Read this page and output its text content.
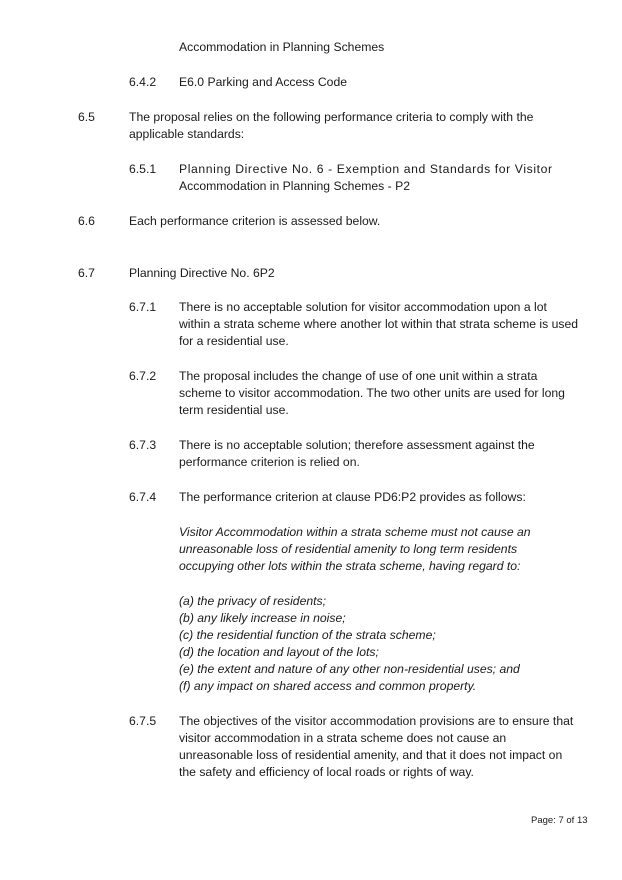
Accommodation in Planning Schemes
6.4.2 E6.0 Parking and Access Code
6.5	The proposal relies on the following performance criteria to comply with the
applicable standards:
6.5.1 Planning Directive No. 6 - Exemption and Standards for Visitor
Accommodation in Planning Schemes - P2
6.6	Each performance criterion is assessed below.
6.7	Planning Directive No. 6P2
6.7.1 There is no acceptable solution for visitor accommodation upon a lot
within a strata scheme where another lot within that strata scheme is used
for a residential use.
6.7.2 The proposal includes the change of use of one unit within a strata
scheme to visitor accommodation. The two other units are used for long
term residential use.
6.7.3 There is no acceptable solution; therefore assessment against the
performance criterion is relied on.
6.7.4 The performance criterion at clause PD6:P2 provides as follows:
Visitor Accommodation within a strata scheme must not cause an
unreasonable loss of residential amenity to long term residents
occupying other lots within the strata scheme, having regard to:
(a) the privacy of residents;
(b) any likely increase in noise;
(c) the residential function of the strata scheme;
(d) the location and layout of the lots;
(e) the extent and nature of any other non-residential uses; and
(f) any impact on shared access and common property.
6.7.5 The objectives of the visitor accommodation provisions are to ensure that
visitor accommodation in a strata scheme does not cause an
unreasonable loss of residential amenity, and that it does not impact on
the safety and efficiency of local roads or rights of way.
Page: 7 of 13
